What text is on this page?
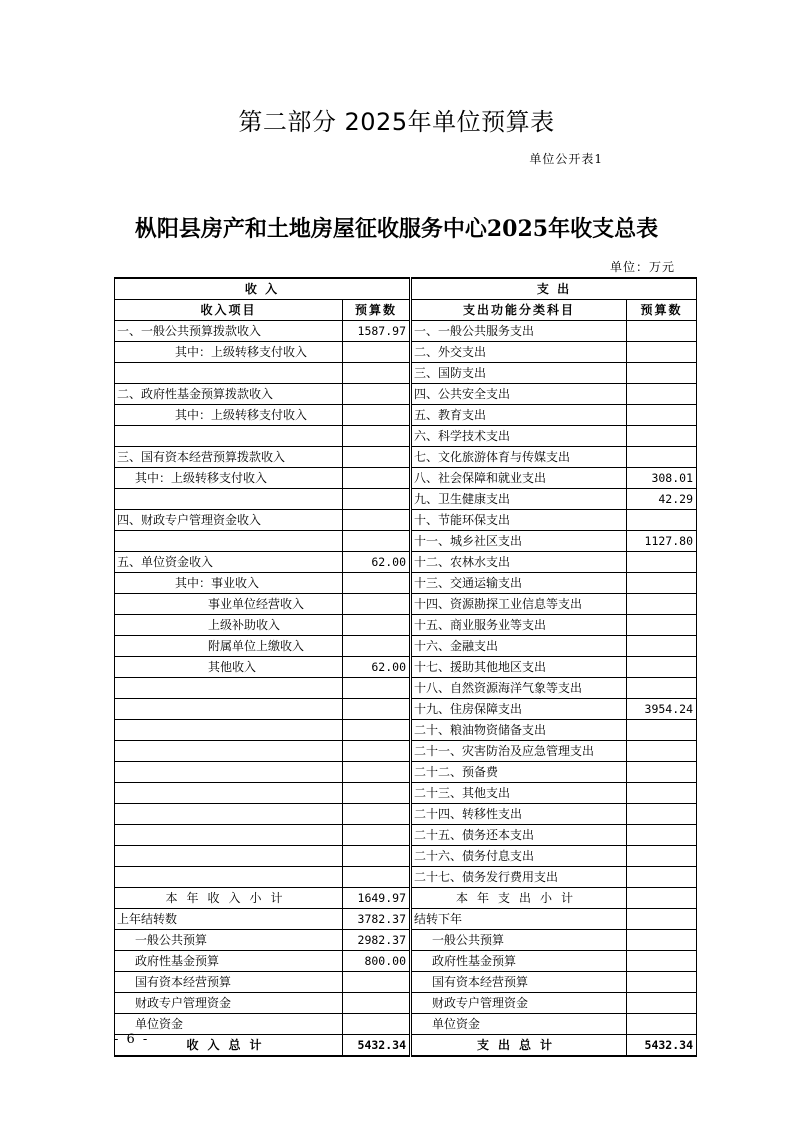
第二部分 2025年单位预算表
单位公开表1
枞阳县房产和土地房屋征收服务中心2025年收支总表
单位：万元
收 入		支 出	
收入项目	预算数	支出功能分类科目	预算数
一、一般公共预算拨款收入	1587.97	一、一般公共服务支出	
其中：上级转移支付收入		二、外交支出	
		三、国防支出	
二、政府性基金预算拨款收入		四、公共安全支出	
其中：上级转移支付收入		五、教育支出	
		六、科学技术支出	
三、国有资本经营预算拨款收入		七、文化旅游体育与传媒支出	
其中：上级转移支付收入		八、社会保障和就业支出	308.01
		九、卫生健康支出	42.29
四、财政专户管理资金收入		十、节能环保支出	
		十一、城乡社区支出	1127.80
五、单位资金收入	62.00	十二、农林水支出	
其中：事业收入		十三、交通运输支出	
事业单位经营收入		十四、资源勘探工业信息等支出	
上级补助收入		十五、商业服务业等支出	
附属单位上缴收入		十六、金融支出	
其他收入	62.00	十七、援助其他地区支出	
		十八、自然资源海洋气象等支出	
		十九、住房保障支出	3954.24
		二十、粮油物资储备支出	
		二十一、灾害防治及应急管理支出	
		二十二、预备费	
		二十三、其他支出	
		二十四、转移性支出	
		二十五、债务还本支出	
		二十六、债务付息支出	
		二十七、债务发行费用支出	
本年收入小计	1649.97	本年支出小计	
上年结转数	3782.37	结转下年	
一般公共预算	2982.37	一般公共预算	
政府性基金预算	800.00	政府性基金预算	
国有资本经营预算		国有资本经营预算	
财政专户管理资金		财政专户管理资金	
单位资金		单位资金	
收入总计	5432.34	支出总计	5432.34
- 6 -
